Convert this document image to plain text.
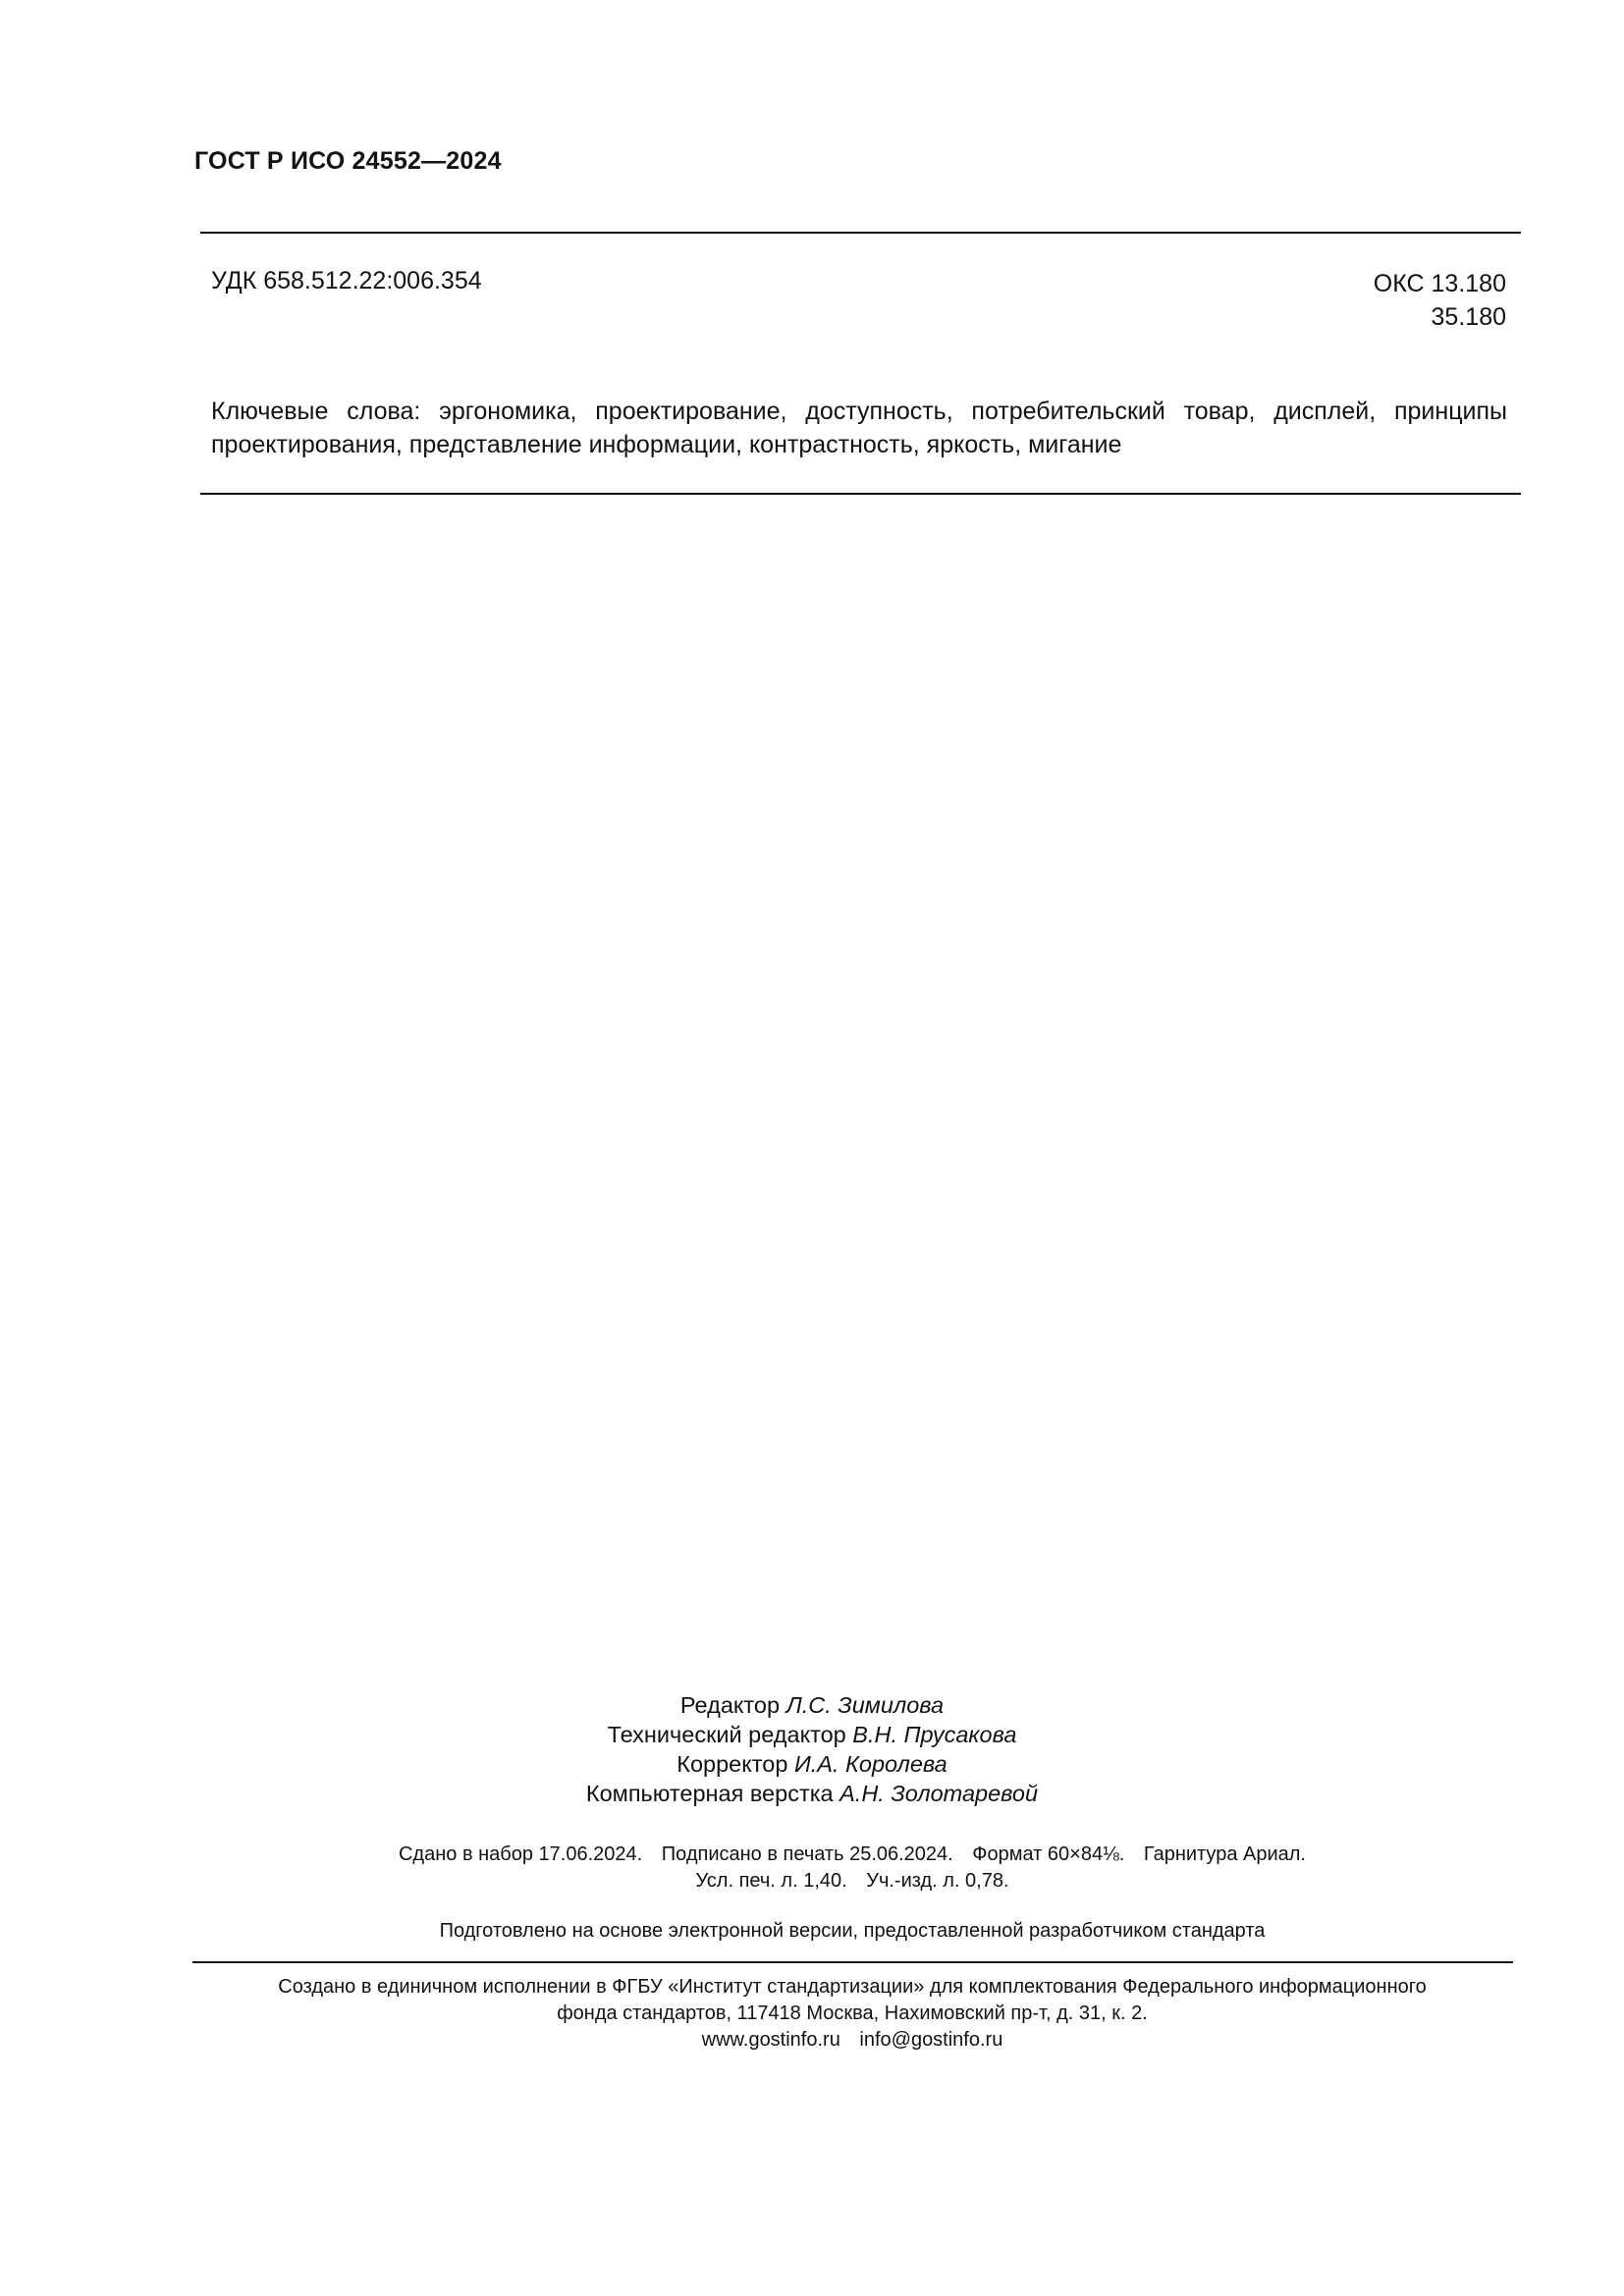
ГОСТ Р ИСО 24552—2024
УДК 658.512.22:006.354	ОКС 13.180
35.180
Ключевые слова: эргономика, проектирование, доступность, потребительский товар, дисплей, принципы проектирования, представление информации, контрастность, яркость, мигание
Редактор Л.С. Зимилова
Технический редактор В.Н. Прусакова
Корректор И.А. Королева
Компьютерная верстка А.Н. Золотаревой
Сдано в набор 17.06.2024. Подписано в печать 25.06.2024. Формат 60×84⅛. Гарнитура Ариал.
Усл. печ. л. 1,40. Уч.-изд. л. 0,78.
Подготовлено на основе электронной версии, предоставленной разработчиком стандарта
Создано в единичном исполнении в ФГБУ «Институт стандартизации» для комплектования Федерального информационного
фонда стандартов, 117418 Москва, Нахимовский пр-т, д. 31, к. 2.
www.gostinfo.ru info@gostinfo.ru
